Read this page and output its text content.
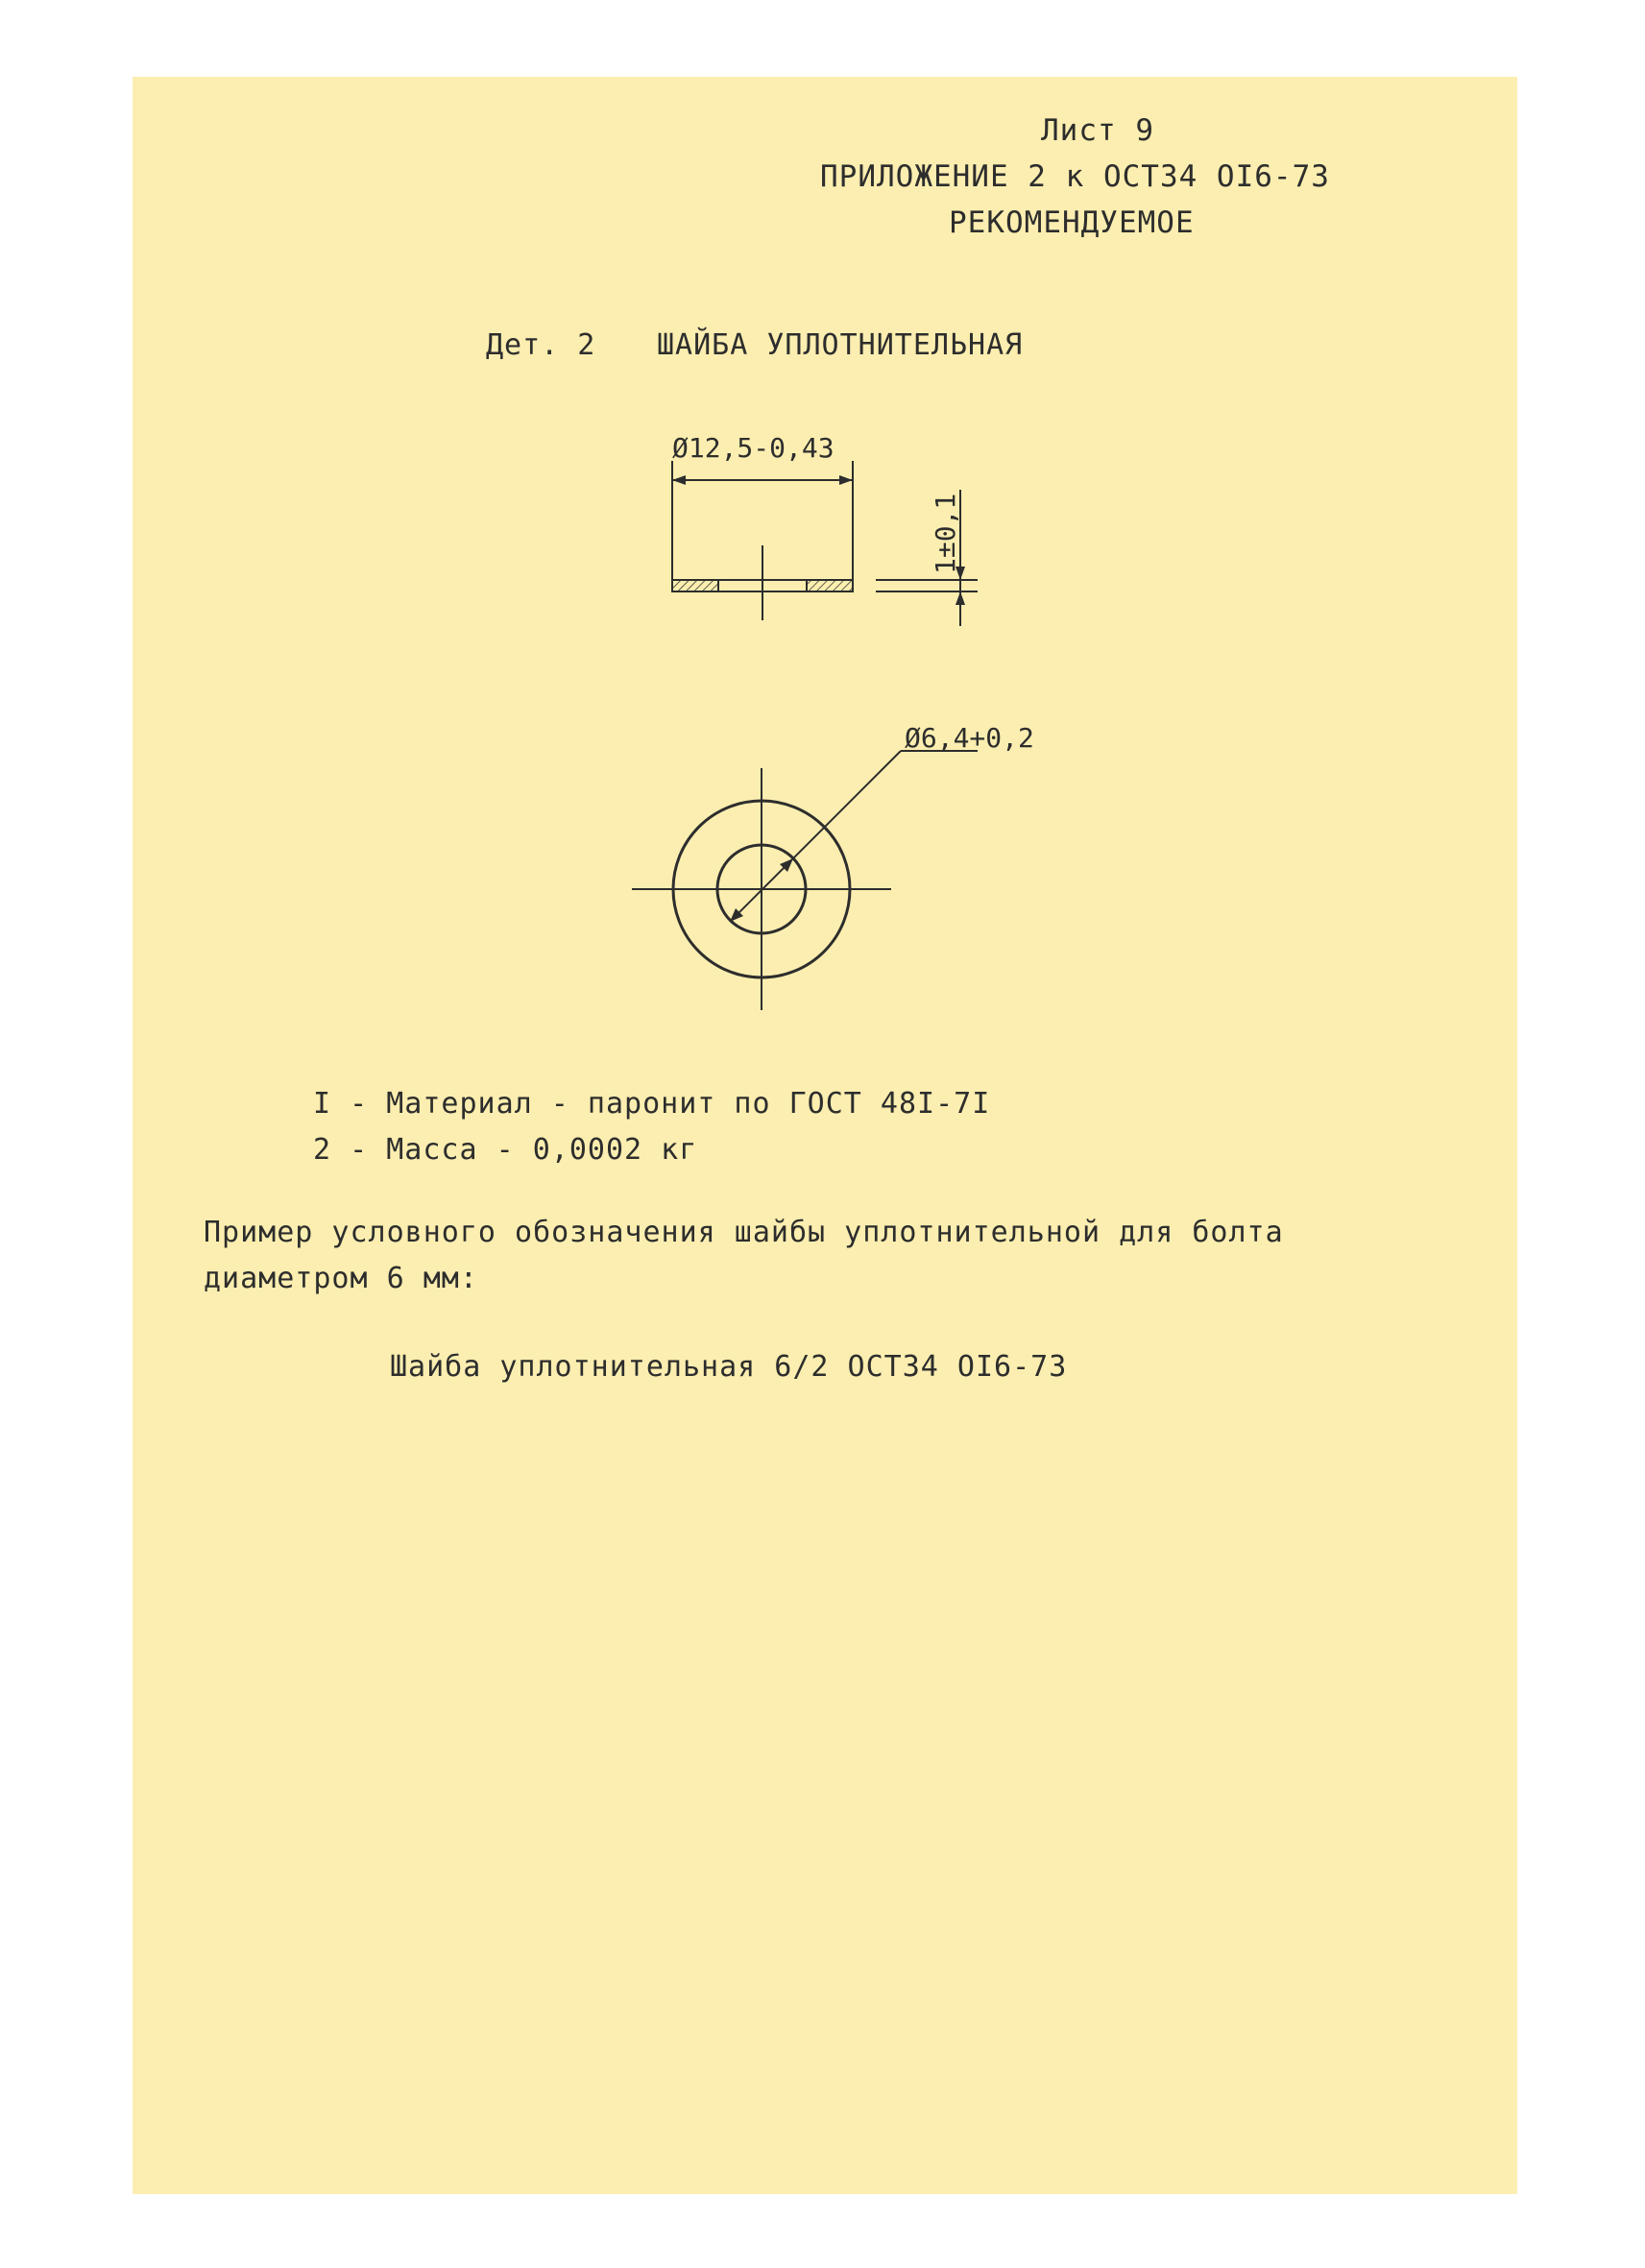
Лист 9
ПРИЛОЖЕНИЕ 2 к ОСТ34 ОI6-73
РЕКОМЕНДУЕМОЕ
Дет. 2 ШАЙБА УПЛОТНИТЕЛЬНАЯ
Ø12,5-0,43
1±0,1
Ø6,4+0,2
I - Материал - паронит по ГОСТ 48I-7I
2 - Масса - 0,0002 кг
Пример условного обозначения шайбы уплотнительной для болта
диаметром 6 мм:
Шайба уплотнительная 6/2 ОСТ34 ОI6-73
